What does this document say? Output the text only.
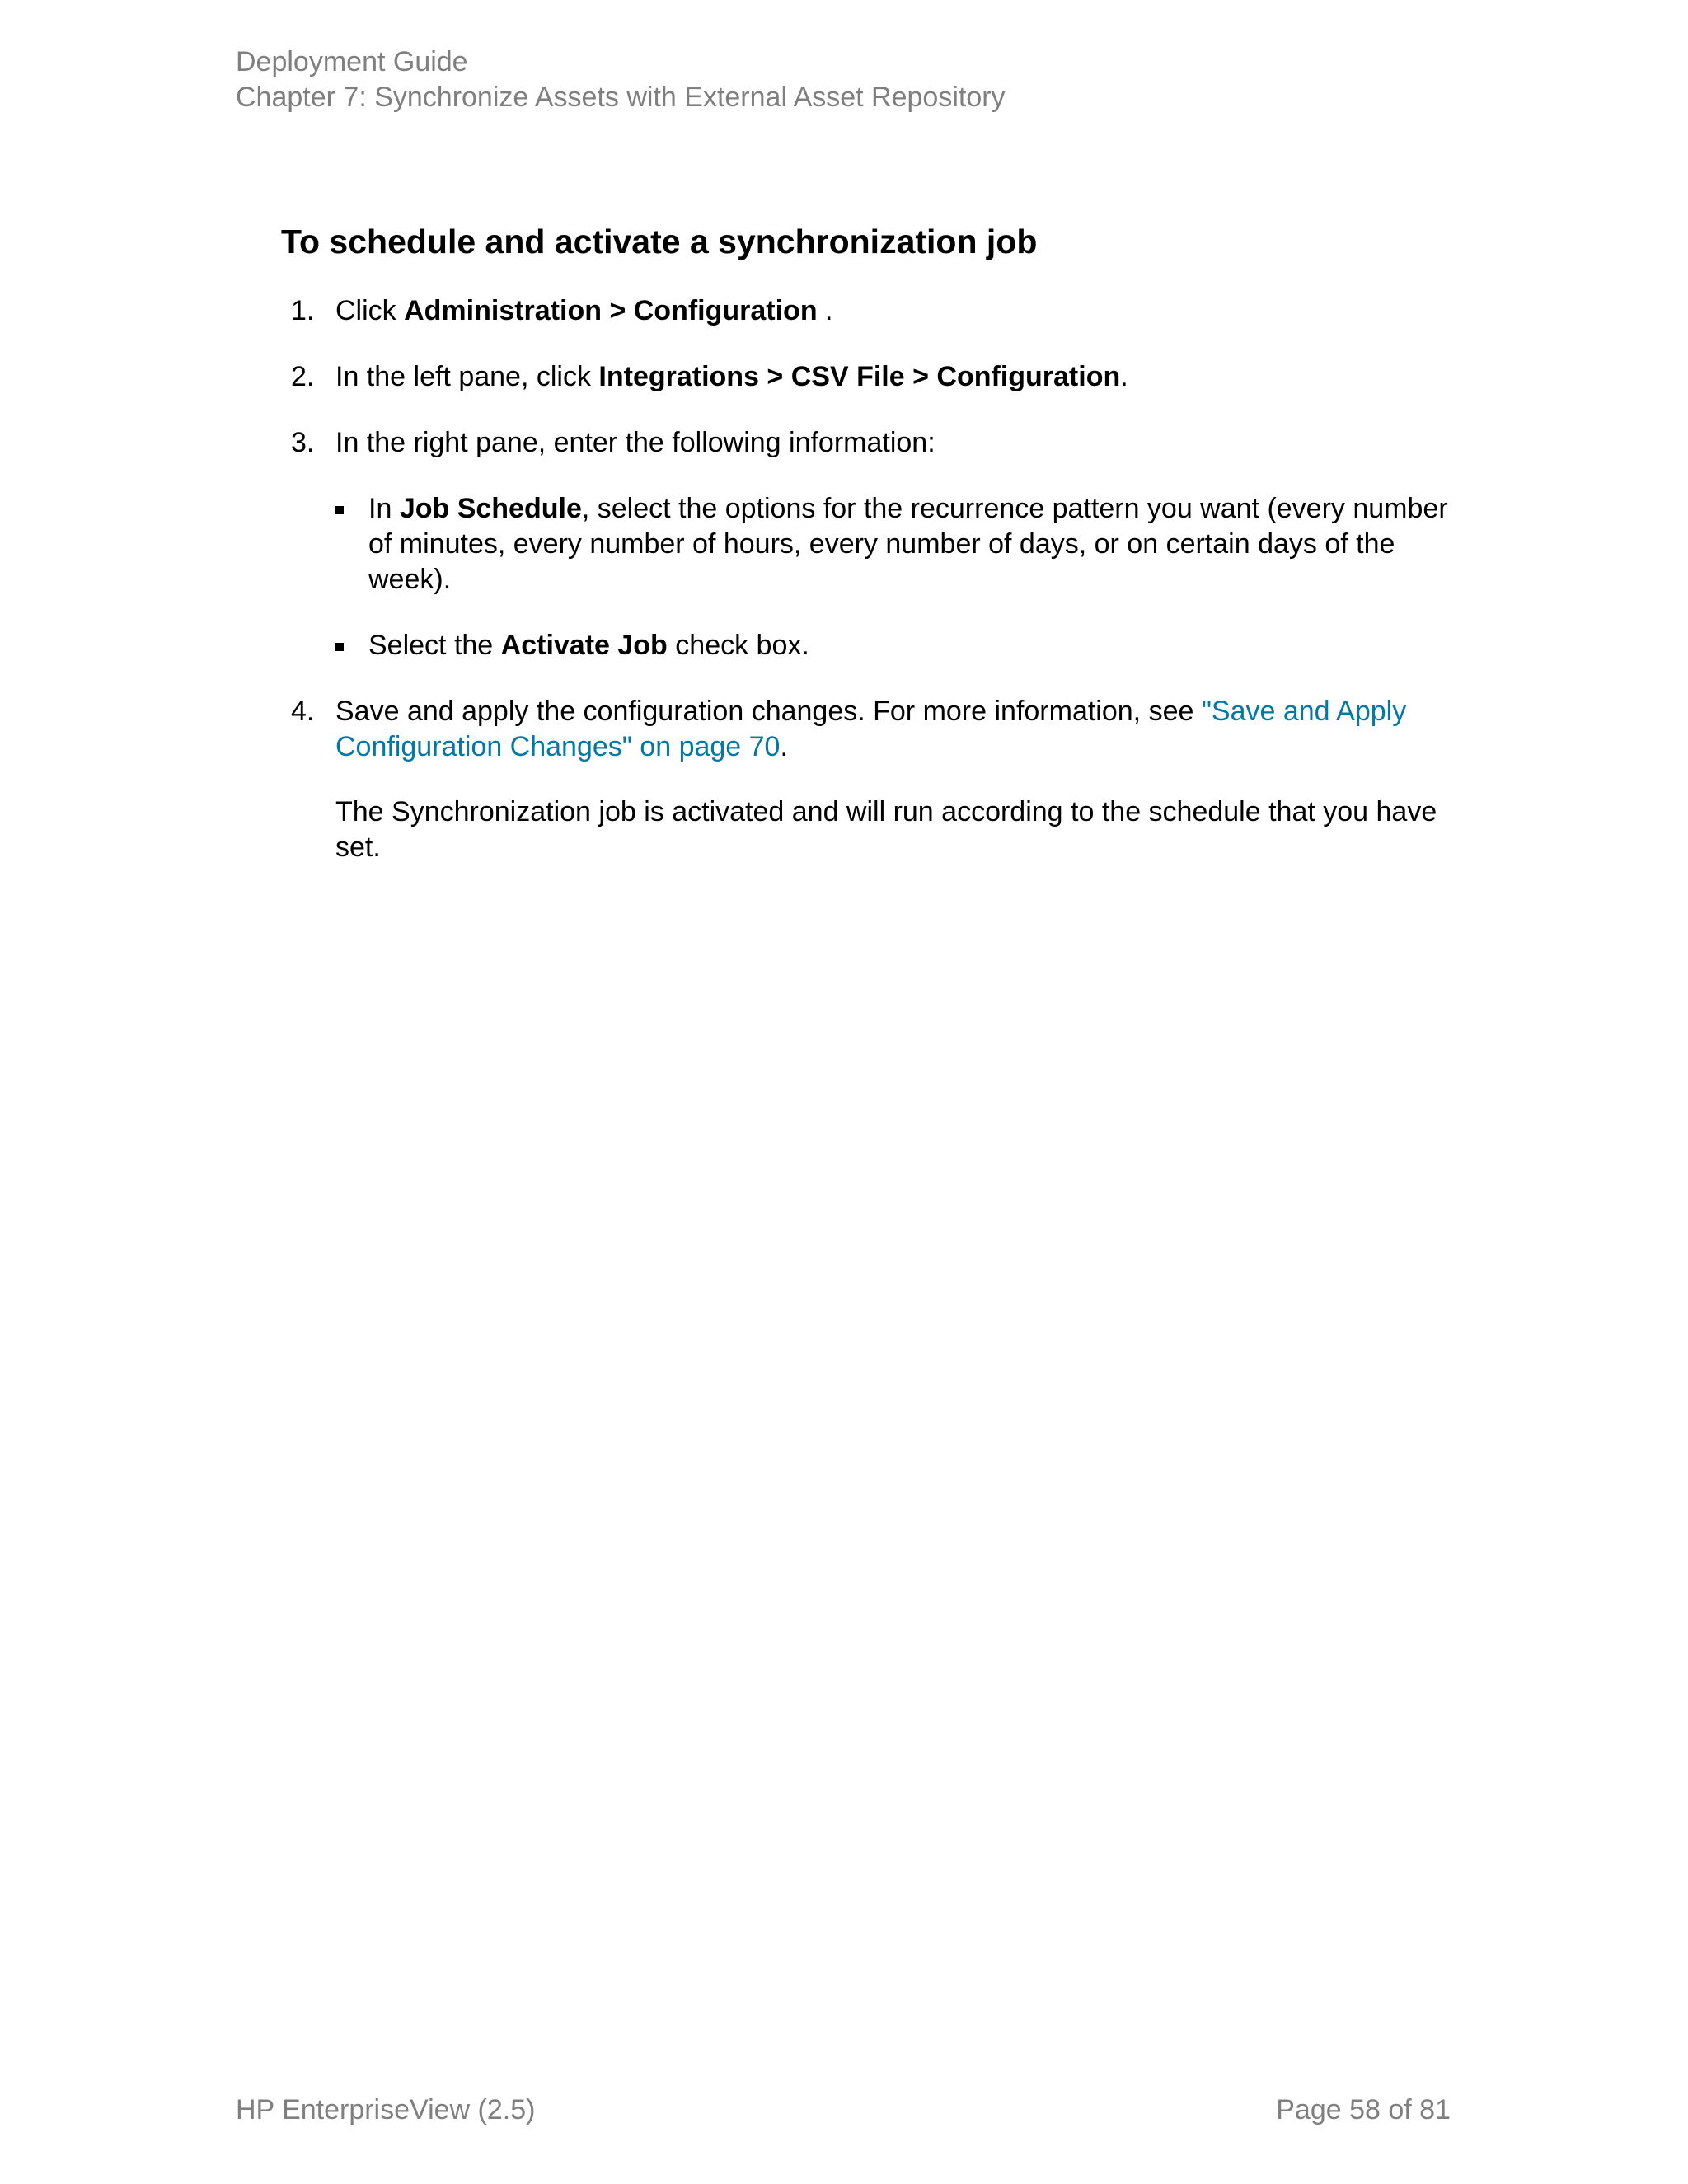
Deployment Guide
Chapter 7: Synchronize Assets with External Asset Repository
To schedule and activate a synchronization job
1. Click Administration > Configuration .

2. In the left pane, click Integrations > CSV File > Configuration.

3. In the right pane, enter the following information:

In Job Schedule, select the options for the recurrence pattern you want (every number of minutes, every number of hours, every number of days, or on certain days of the week).
Select the Activate Job check box.
4. Save and apply the configuration changes. For more information, see "Save and Apply Configuration Changes" on page 70.

The Synchronization job is activated and will run according to the schedule that you have set.

HP EnterpriseView (2.5)	Page 58 of 81
